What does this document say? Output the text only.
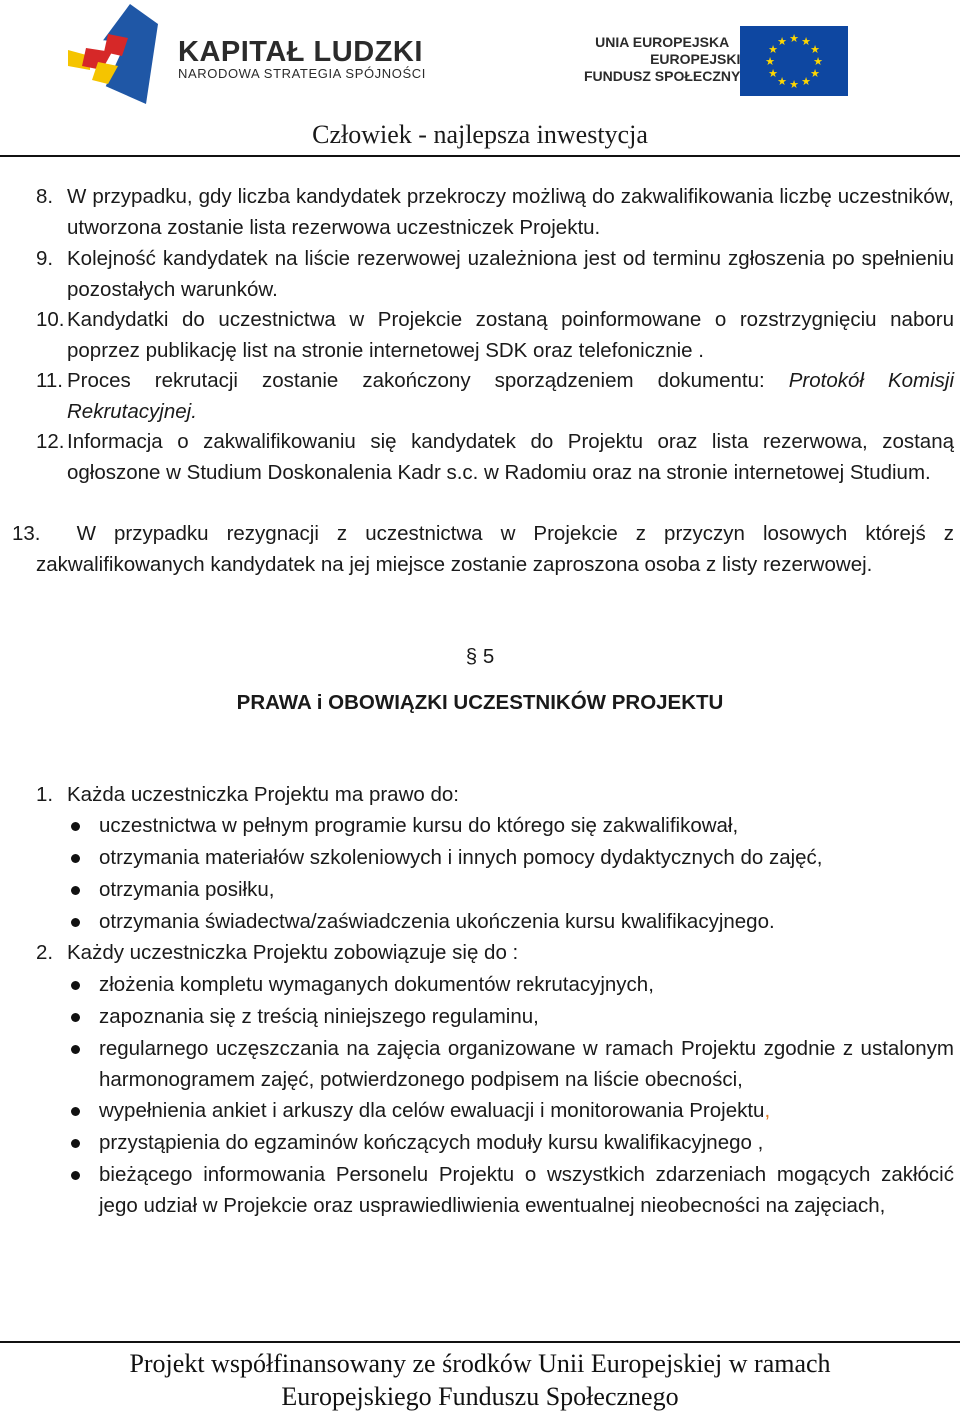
KAPITAŁ LUDZKI
NARODOWA STRATEGIA SPÓJNOŚCI
UNIA EUROPEJSKA
EUROPEJSKI
FUNDUSZ SPOŁECZNY
★ ★
★
★
★
★
★
★
★
★
★
★
Człowiek - najlepsza inwestycja
8. W przypadku, gdy liczba kandydatek przekroczy możliwą do zakwalifikowania liczbę uczestników, utworzona zostanie lista rezerwowa uczestniczek Projektu.
9. Kolejność kandydatek na liście rezerwowej uzależniona jest od terminu zgłoszenia po spełnieniu pozostałych warunków.
10. Kandydatki do uczestnictwa w Projekcie zostaną poinformowane o rozstrzygnięciu naboru poprzez publikację list na stronie internetowej SDK oraz telefonicznie .
11. Proces rekrutacji zostanie zakończony sporządzeniem dokumentu: Protokół Komisji Rekrutacyjnej.
12. Informacja o zakwalifikowaniu się kandydatek do Projektu oraz lista rezerwowa, zostaną ogłoszone w Studium Doskonalenia Kadr s.c. w Radomiu oraz na stronie internetowej Studium.
13. W przypadku rezygnacji z uczestnictwa w Projekcie z przyczyn losowych którejś z zakwalifikowanych kandydatek na jej miejsce zostanie zaproszona osoba z listy rezerwowej.
§ 5
PRAWA i OBOWIĄZKI UCZESTNIKÓW PROJEKTU
1. Każda uczestniczka Projektu ma prawo do:
uczestnictwa w pełnym programie kursu do którego się zakwalifikował,
otrzymania materiałów szkoleniowych i innych pomocy dydaktycznych do zajęć,
otrzymania posiłku,
otrzymania świadectwa/zaświadczenia ukończenia kursu kwalifikacyjnego.
2. Każdy uczestniczka Projektu zobowiązuje się do :
złożenia kompletu wymaganych dokumentów rekrutacyjnych,
zapoznania się z treścią niniejszego regulaminu,
regularnego uczęszczania na zajęcia organizowane w ramach Projektu zgodnie z ustalonym harmonogramem zajęć, potwierdzonego podpisem na liście obecności,
wypełnienia ankiet i arkuszy dla celów ewaluacji i monitorowania Projektu,
przystąpienia do egzaminów kończących moduły kursu kwalifikacyjnego ,
bieżącego informowania Personelu Projektu o wszystkich zdarzeniach mogących zakłócić jego udział w Projekcie oraz usprawiedliwienia ewentualnej nieobecności na zajęciach,
Projekt współfinansowany ze środków Unii Europejskiej w ramach
Europejskiego Funduszu Społecznego
